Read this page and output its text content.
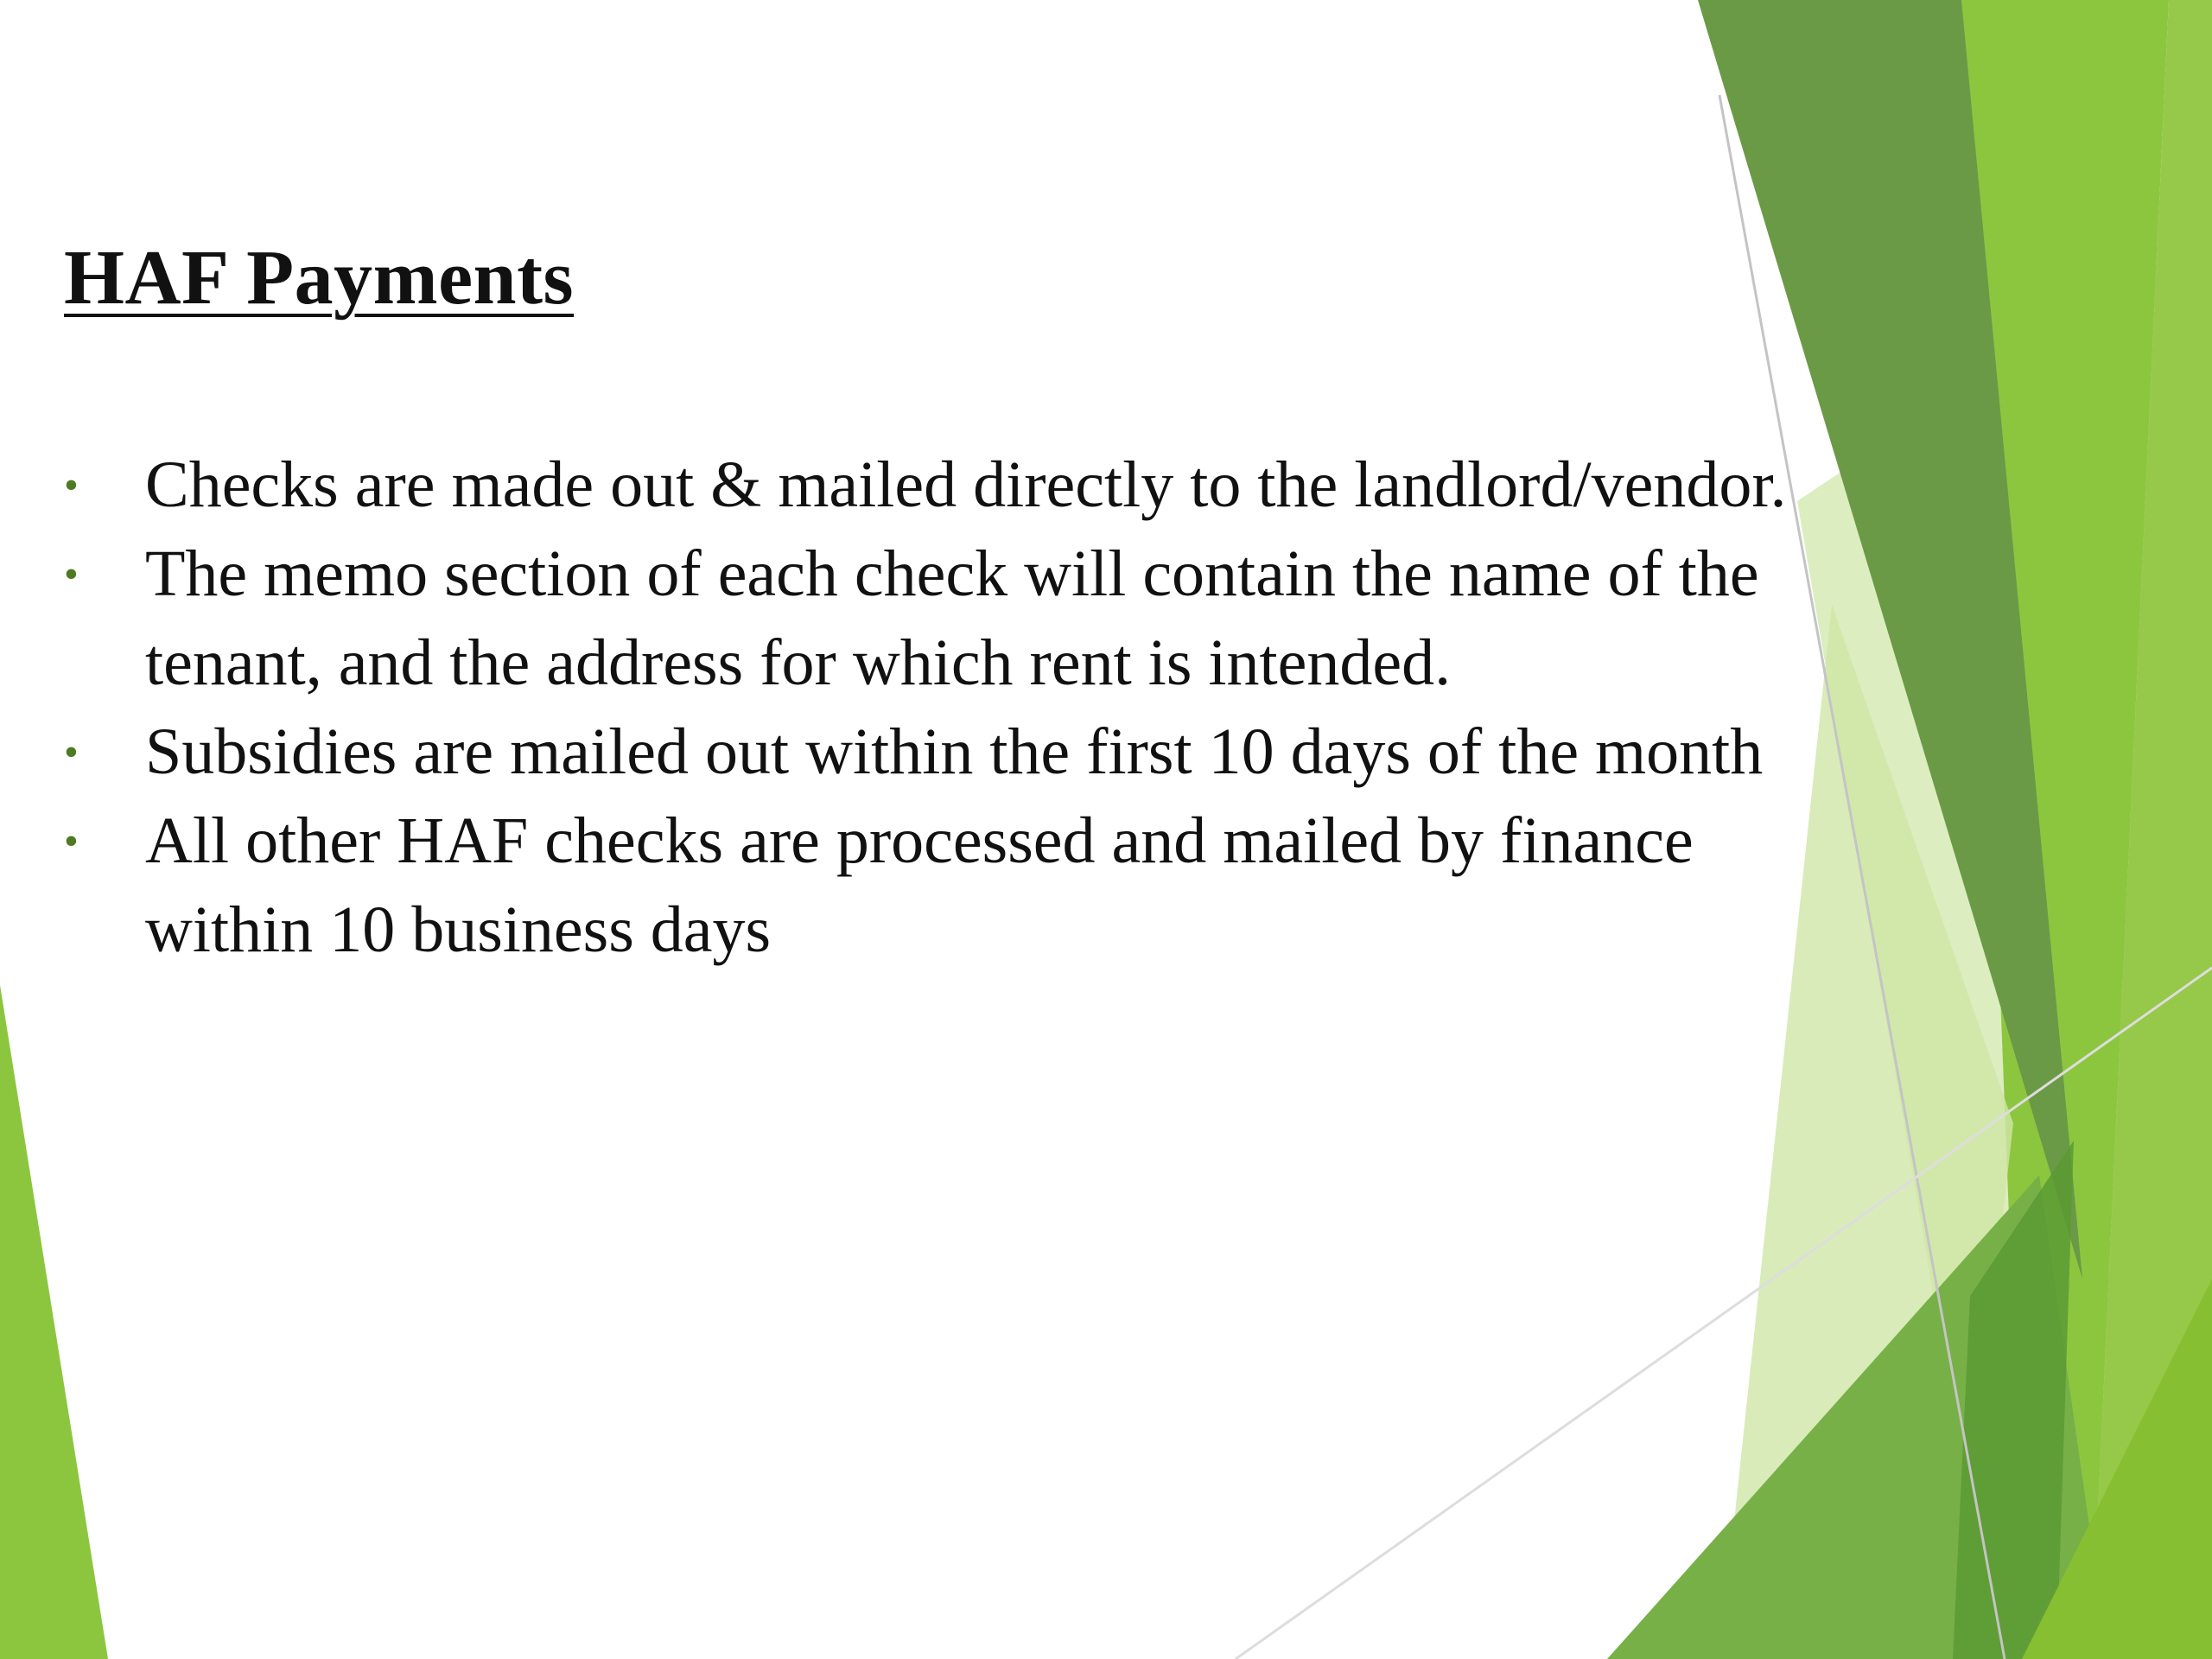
HAF Payments
•	Checks are made out & mailed directly to the landlord/vendor.
•	The memo section of each check will contain the name of the tenant, and the address for which rent is intended.
•	Subsidies are mailed out within the first 10 days of the month
•	All other HAF checks are processed and mailed by finance within 10 business days
